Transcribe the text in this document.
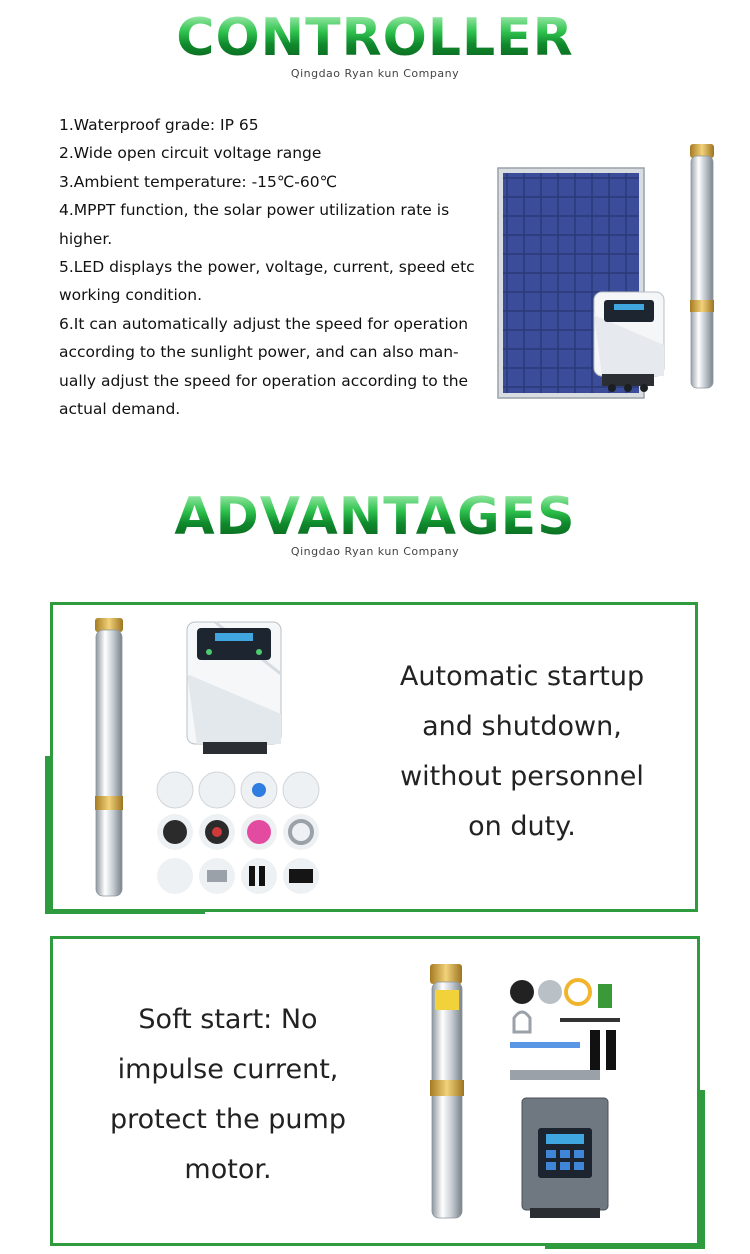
CONTROLLER
Qingdao Ryan kun Company

1.Waterproof grade: IP 65

2.Wide open circuit voltage range

3.Ambient temperature: -15℃-60℃

4.MPPT function, the solar power utilization rate is

higher.

5.LED displays the power, voltage, current, speed etc

working condition.

6.It can automatically adjust the speed for operation

according to the sunlight power, and can also man-

ually adjust the speed for operation according to the

actual demand.

ADVANTAGES
Qingdao Ryan kun Company
Automatic startup
and shutdown,
without personnel
on duty.
Soft start: No
impulse current,
protect the pump
motor.
